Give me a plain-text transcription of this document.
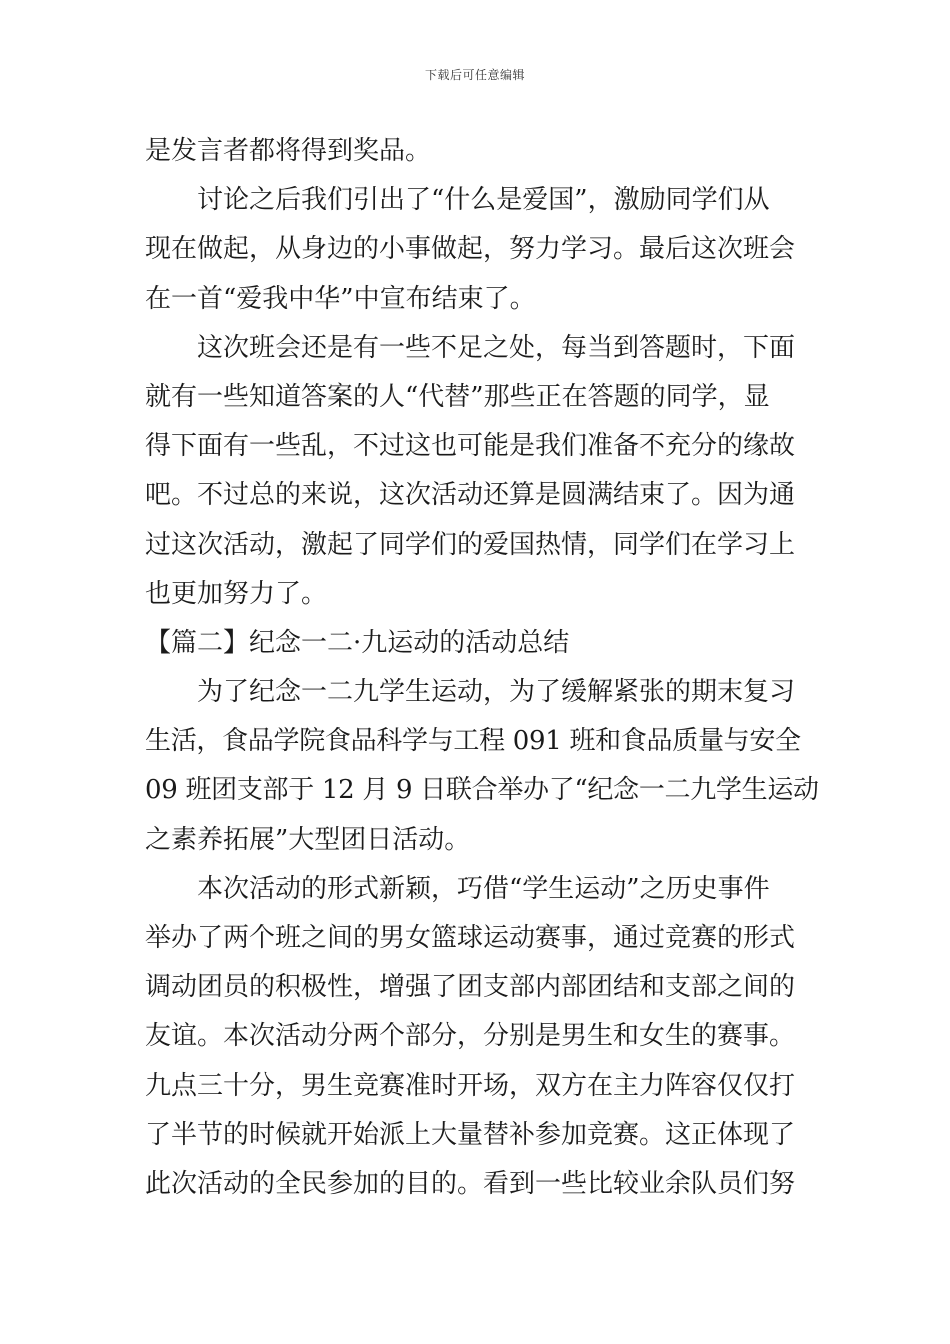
下载后可任意编辑
是发言者都将得到奖品。
讨论之后我们引出了“什么是爱国”，激励同学们从
现在做起，从身边的小事做起，努力学习。最后这次班会
在一首“爱我中华”中宣布结束了。
这次班会还是有一些不足之处，每当到答题时，下面
就有一些知道答案的人“代替”那些正在答题的同学，显
得下面有一些乱，不过这也可能是我们准备不充分的缘故
吧。不过总的来说，这次活动还算是圆满结束了。因为通
过这次活动，激起了同学们的爱国热情，同学们在学习上
也更加努力了。
【篇二】纪念一二·九运动的活动总结
为了纪念一二九学生运动，为了缓解紧张的期末复习
生活，食品学院食品科学与工程 091 班和食品质量与安全
09 班团支部于 12 月 9 日联合举办了“纪念一二九学生运动
之素养拓展”大型团日活动。
本次活动的形式新颖，巧借“学生运动”之历史事件
举办了两个班之间的男女篮球运动赛事，通过竞赛的形式
调动团员的积极性，增强了团支部内部团结和支部之间的
友谊。本次活动分两个部分，分别是男生和女生的赛事。
九点三十分，男生竞赛准时开场，双方在主力阵容仅仅打
了半节的时候就开始派上大量替补参加竞赛。这正体现了
此次活动的全民参加的目的。看到一些比较业余队员们努
